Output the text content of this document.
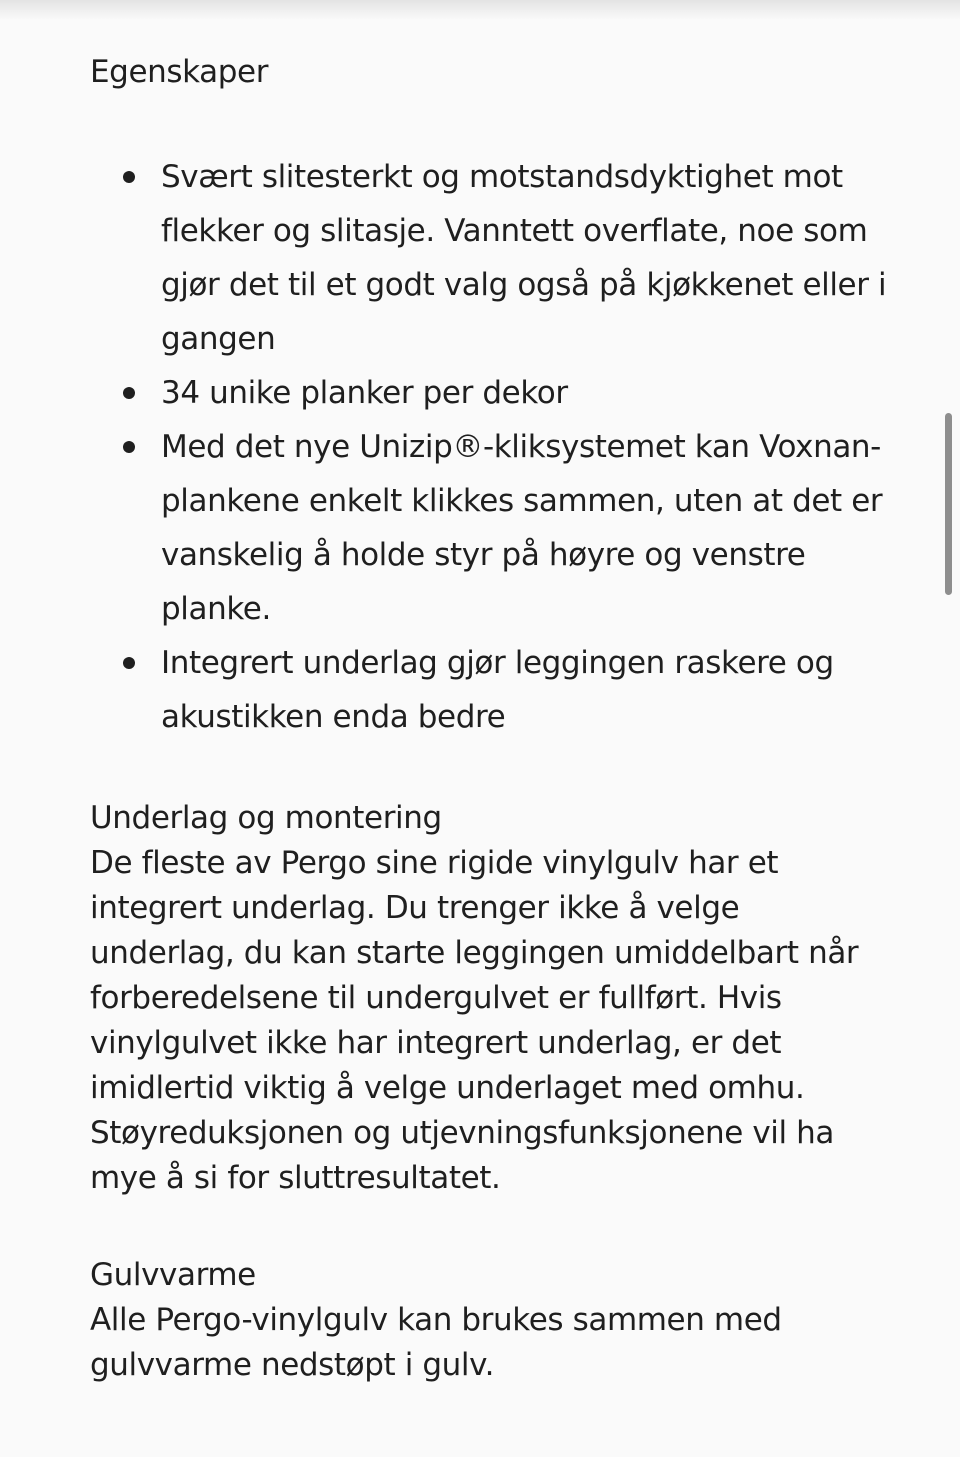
Egenskaper

Svært slitesterkt og motstandsdyktighet mot flekker og slitasje. Vanntett overflate, noe som gjør det til et godt valg også på kjøkkenet eller i gangen
34 unike planker per dekor
Med det nye Unizip®-kliksystemet kan Voxnan-plankene enkelt klikkes sammen, uten at det er vanskelig å holde styr på høyre og venstre planke.
Integrert underlag gjør leggingen raskere og akustikken enda bedre
Underlag og montering
De fleste av Pergo sine rigide vinylgulv har et integrert underlag. Du trenger ikke å velge underlag, du kan starte leggingen umiddelbart når forberedelsene til undergulvet er fullført. Hvis vinylgulvet ikke har integrert underlag, er det imidlertid viktig å velge underlaget med omhu. Støyreduksjonen og utjevningsfunksjonene vil ha mye å si for sluttresultatet.
Gulvvarme
Alle Pergo-vinylgulv kan brukes sammen med gulvvarme nedstøpt i gulv.
